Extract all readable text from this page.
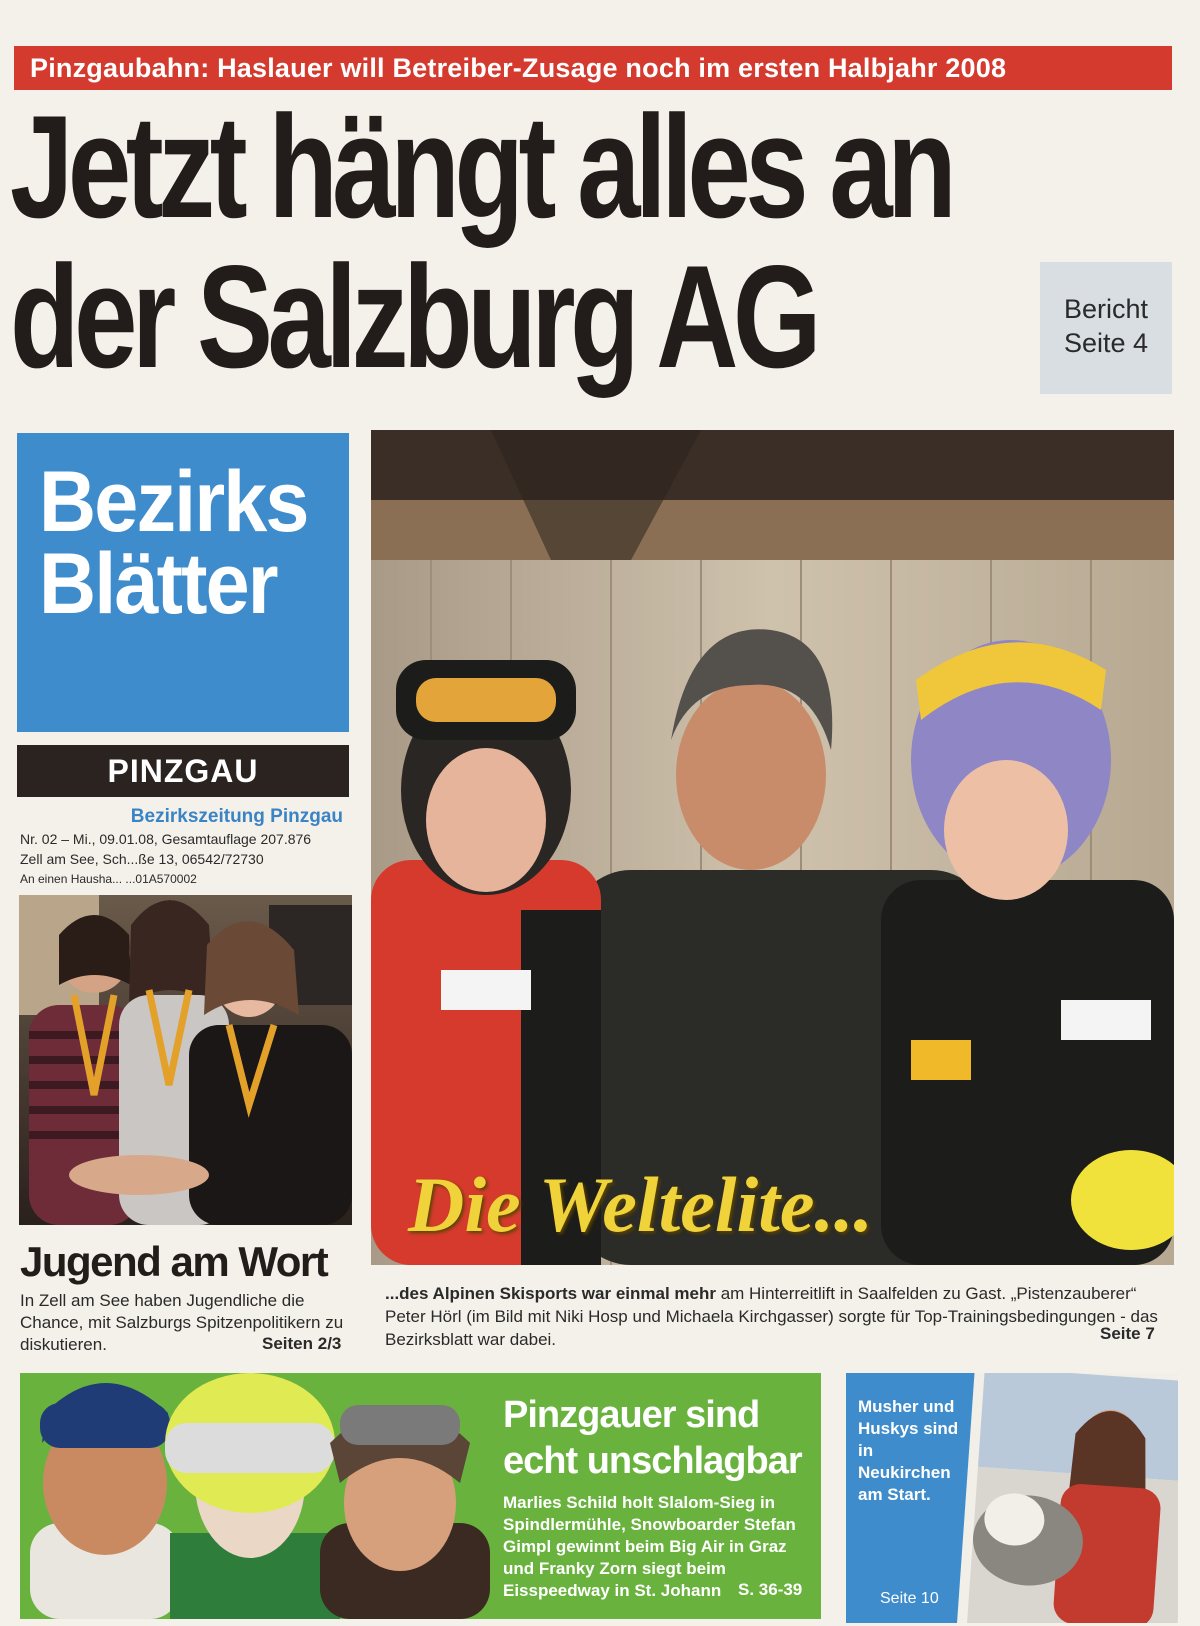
Pinzgaubahn: Haslauer will Betreiber-Zusage noch im ersten Halbjahr 2008
Jetzt hängt alles an
der Salzburg AG	Bericht
Seite 4
Bezirks
Blätter
PINZGAU
Bezirkszeitung Pinzgau
Nr. 02 – Mi., 09.01.08, Gesamtauflage 207.876
Zell am See, Sch...ße 13, 06542/72730
An einen Hausha... ...01A570002
Jugend am Wort
In Zell am See haben Jugendliche die Chance, mit Salzburgs Spitzenpolitikern zu diskutieren.	Seiten 2/3
Die Weltelite...
...des Alpinen Skisports war einmal mehr am Hinterreitlift in Saalfelden zu Gast. „Pistenzauberer“ Peter Hörl (im Bild mit Niki Hosp und Michaela Kirchgasser) sorgte für Top-Trainingsbedingungen - das Bezirksblatt war dabei.	Seite 7
Pinzgauer sind
echt unschlagbar
Marlies Schild holt Slalom-Sieg in Spindlermühle, Snowboarder Stefan Gimpl gewinnt beim Big Air in Graz und Franky Zorn siegt beim Eisspeedway in St. Johann S. 36-39
Musher und Huskys sind in Neukirchen am Start.
Seite 10
